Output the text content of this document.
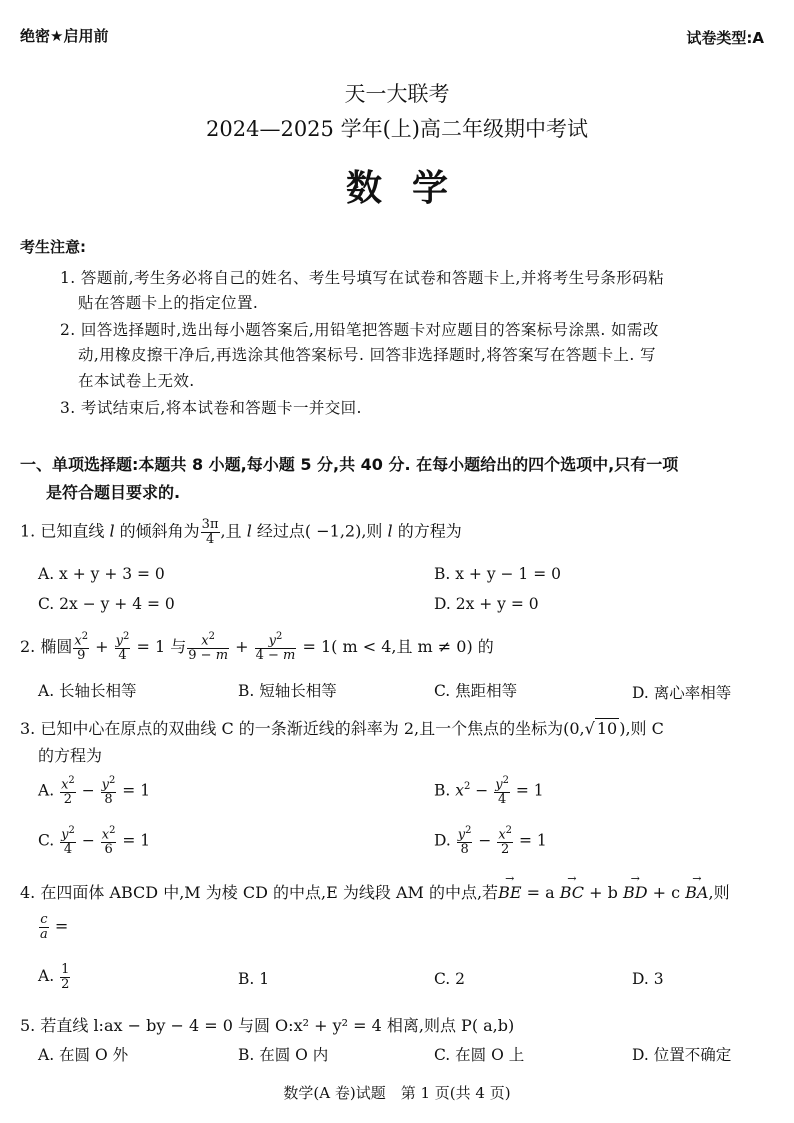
绝密★启用前	试卷类型:A
天一大联考
2024—2025 学年(上)高二年级期中考试
数学
考生注意:
1. 答题前,考生务必将自己的姓名、考生号填写在试卷和答题卡上,并将考生号条形码粘
贴在答题卡上的指定位置.
2. 回答选择题时,选出每小题答案后,用铅笔把答题卡对应题目的答案标号涂黑. 如需改
动,用橡皮擦干净后,再选涂其他答案标号. 回答非选择题时,将答案写在答题卡上. 写
在本试卷上无效.
3. 考试结束后,将本试卷和答题卡一并交回.
一、单项选择题:本题共 8 小题,每小题 5 分,共 40 分. 在每小题给出的四个选项中,只有一项
是符合题目要求的.
1. 已知直线 l 的倾斜角为 $\frac{3\pi}{4}$ ,且 l 经过点( −1,2),则 l 的方程为
A. x + y + 3 = 0	B. x + y − 1 = 0
C. 2x − y + 4 = 0	D. 2x + y = 0
2. 椭圆 $\frac{x^2}{9} + \frac{y^2}{4} = 1$ 与 $\frac{x^2}{9 - m} + \frac{y^2}{4 - m} = 1$( m < 4,且 m ≠ 0) 的
A. 长轴长相等	B. 短轴长相等	C. 焦距相等	D. 离心率相等
3. 已知中心在原点的双曲线 C 的一条渐近线的斜率为 2,且一个焦点的坐标为(0,√ 10 ),则 C
的方程为
A. $\frac{x^2}{2} - \frac{y^2}{8} = 1$	B. $x^2 - \frac{y^2}{4} = 1$
C. $\frac{y^2}{4} - \frac{x^2}{6} = 1$	D. $\frac{y^2}{8} - \frac{x^2}{2} = 1$
4. 在四面体 ABCD 中,M 为棱 CD 的中点,E 为线段 AM 的中点,若→ BE = a → BC + b → BD + c → BA,则
$\frac{c}{a}$ =
A. $\frac{1}{2}$	B. 1	C. 2	D. 3
5. 若直线 l:ax − by − 4 = 0 与圆 O:x² + y² = 4 相离,则点 P( a,b)
A. 在圆 O 外	B. 在圆 O 内	C. 在圆 O 上	D. 位置不确定
数学(A 卷)试题　第 1 页(共 4 页)
